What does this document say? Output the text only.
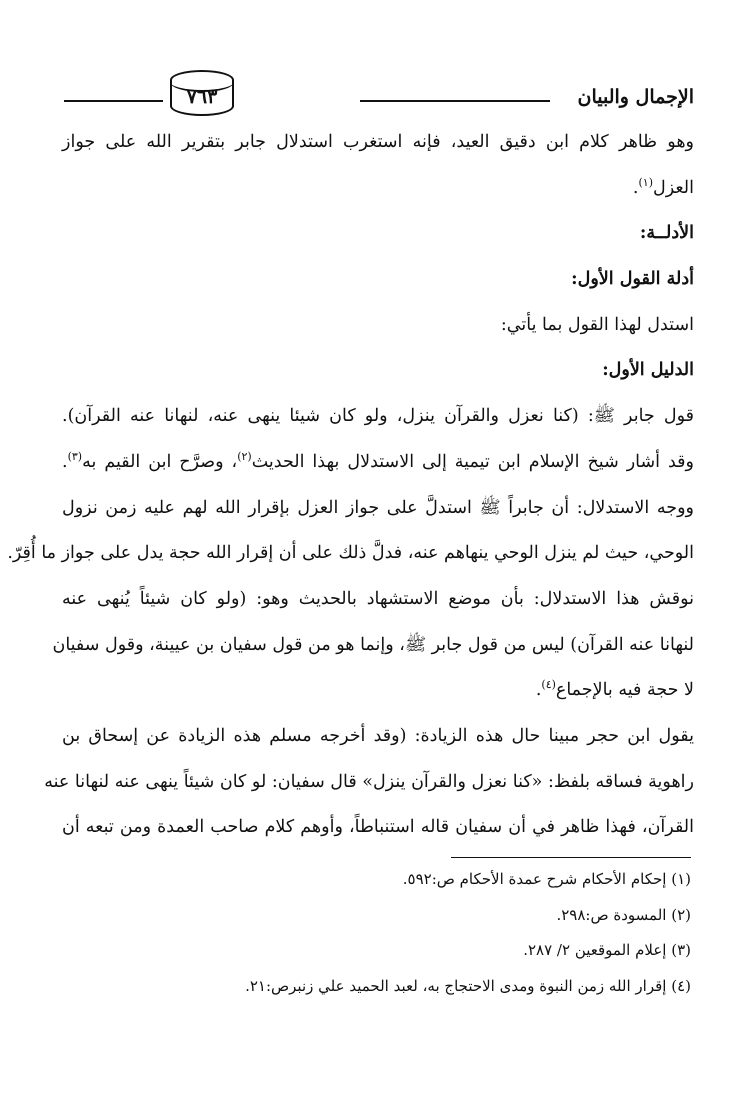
الإجمال والبيان
٧٦٣
وهو ظاهر كلام ابن دقيق العيد، فإنه استغرب استدلال جابر بتقرير الله على جواز
العزل$^{(١)}$.
الأدلــة:
أدلة القول الأول:
استدل لهذا القول بما يأتي:
الدليل الأول:
قول جابر ﷺ: (كنا نعزل والقرآن ينزل، ولو كان شيئا ينهى عنه، لنهانا عنه القرآن).
وقد أشار شيخ الإسلام ابن تيمية إلى الاستدلال بهذا الحديث$^{(٢)}$، وصرَّح ابن القيم به$^{(٣)}$.
ووجه الاستدلال: أن جابراً ﷺ استدلَّ على جواز العزل بإقرار الله لهم عليه زمن نزول
الوحي، حيث لم ينزل الوحي ينهاهم عنه، فدلَّ ذلك على أن إقرار الله حجة يدل على جواز ما أُقِرّ.
نوقش هذا الاستدلال: بأن موضع الاستشهاد بالحديث وهو: (ولو كان شيئاً يُنهى عنه
لنهانا عنه القرآن) ليس من قول جابر ﷺ، وإنما هو من قول سفيان بن عيينة، وقول سفيان
لا حجة فيه بالإجماع$^{(٤)}$.
يقول ابن حجر مبينا حال هذه الزيادة: (وقد أخرجه مسلم هذه الزيادة عن إسحاق بن
راهوية فساقه بلفظ: «كنا نعزل والقرآن ينزل» قال سفيان: لو كان شيئاً ينهى عنه لنهانا عنه
القرآن، فهذا ظاهر في أن سفيان قاله استنباطاً، وأوهم كلام صاحب العمدة ومن تبعه أن
(١) إحكام الأحكام شرح عمدة الأحكام ص:٥٩٢.
(٢) المسودة ص:٢٩٨.
(٣) إعلام الموقعين ٢/ ٢٨٧.
(٤) إقرار الله زمن النبوة ومدى الاحتجاج به، لعبد الحميد علي زنبرص:٢١.
